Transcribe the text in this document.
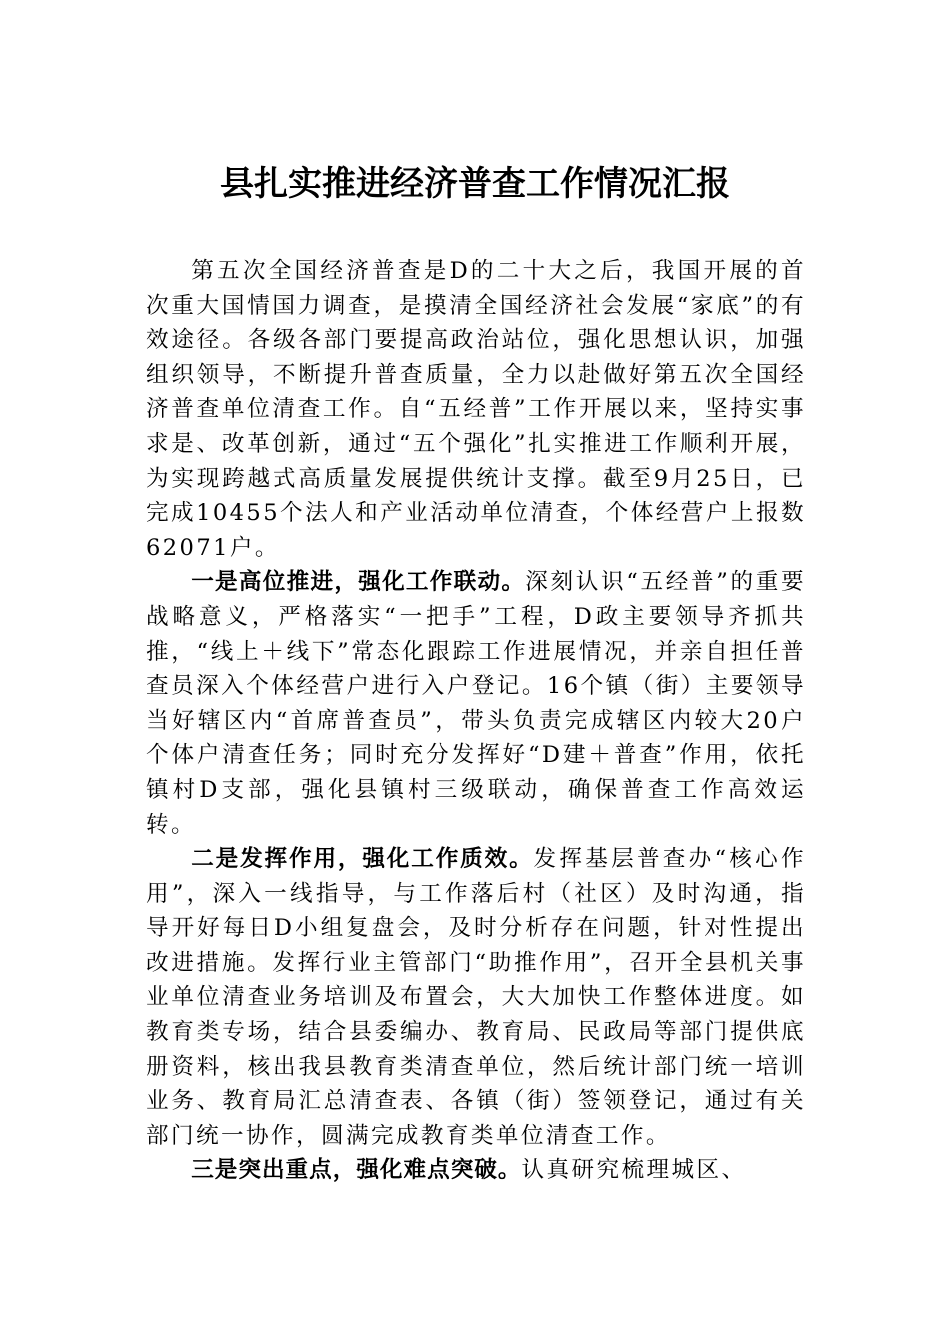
县扎实推进经济普查工作情况汇报

第五次全国经济普查是D的二十大之后，我国开展的首次重大国情国力调查，是摸清全国经济社会发展“家底”的有效途径。各级各部门要提高政治站位，强化思想认识，加强组织领导，不断提升普查质量，全力以赴做好第五次全国经济普查单位清查工作。自“五经普”工作开展以来，坚持实事求是、改革创新，通过“五个强化”扎实推进工作顺利开展，为实现跨越式高质量发展提供统计支撑。截至9月25日，已完成10455个法人和产业活动单位清查，个体经营户上报数62071户。

一是高位推进，强化工作联动。深刻认识“五经普”的重要战略意义，严格落实“一把手”工程，D政主要领导齐抓共推，“线上＋线下”常态化跟踪工作进展情况，并亲自担任普查员深入个体经营户进行入户登记。16个镇（街）主要领导当好辖区内“首席普查员”，带头负责完成辖区内较大20户个体户清查任务；同时充分发挥好“D建＋普查”作用，依托镇村D支部，强化县镇村三级联动，确保普查工作高效运转。

二是发挥作用，强化工作质效。发挥基层普查办“核心作用”，深入一线指导，与工作落后村（社区）及时沟通，指导开好每日D小组复盘会，及时分析存在问题，针对性提出改进措施。发挥行业主管部门“助推作用”，召开全县机关事业单位清查业务培训及布置会，大大加快工作整体进度。如教育类专场，结合县委编办、教育局、民政局等部门提供底册资料，核出我县教育类清查单位，然后统计部门统一培训业务、教育局汇总清查表、各镇（街）签领登记，通过有关部门统一协作，圆满完成教育类单位清查工作。

三是突出重点，强化难点突破。认真研究梳理城区、
